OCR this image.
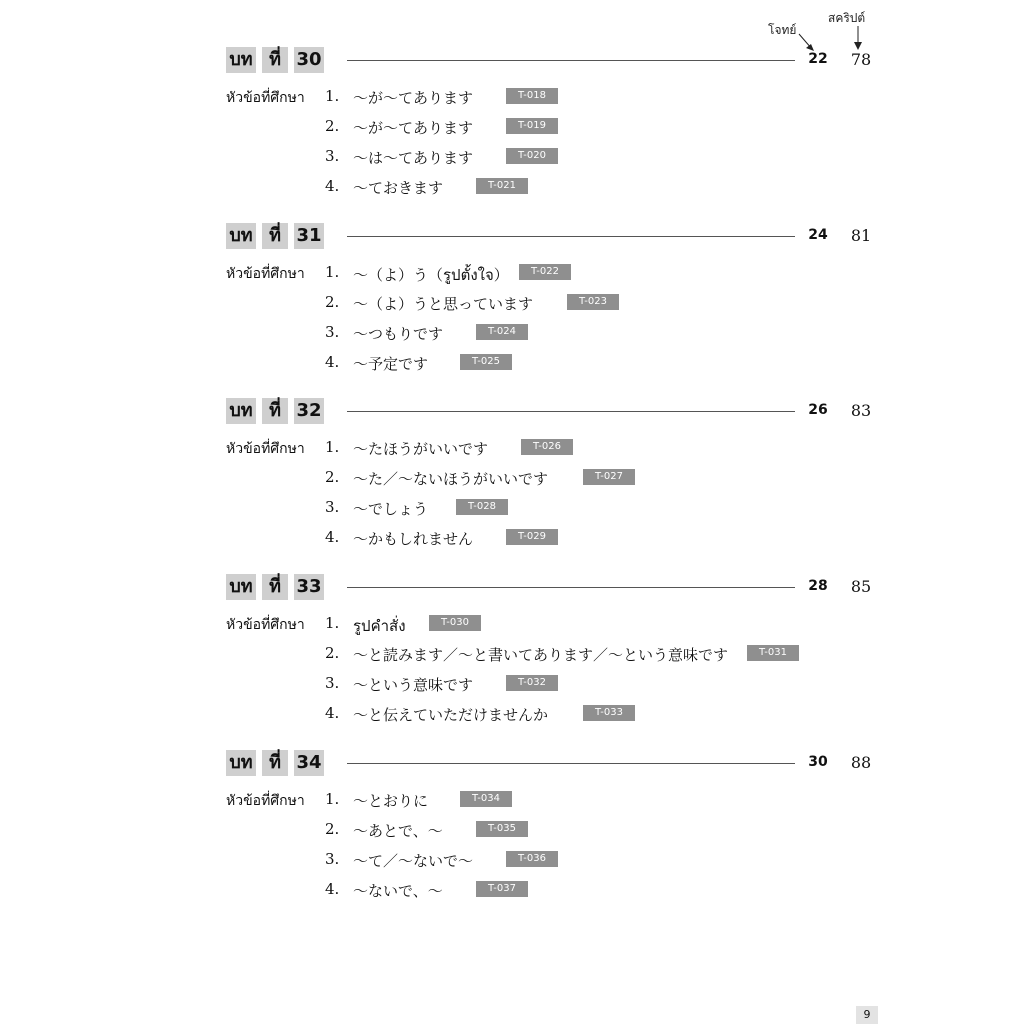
โจทย์
สคริปต์
บท ที่ 30	22 78
หัวข้อที่ศึกษา 1. ～が～てあります	T-018
2. ～が～てあります	T-019
3. ～は～てあります	T-020
4. ～ておきます	T-021
บท ที่ 31	24 81
หัวข้อที่ศึกษา 1. ～（よ）う（รูปตั้งใจ）	T-022
2. ～（よ）うと思っています	T-023
3. ～つもりです	T-024
4. ～予定です	T-025
บท ที่ 32	26 83
หัวข้อที่ศึกษา 1. ～たほうがいいです	T-026
2. ～た／～ないほうがいいです	T-027
3. ～でしょう	T-028
4. ～かもしれません	T-029
บท ที่ 33	28 85
หัวข้อที่ศึกษา 1. รูปคำสั่ง	T-030
2. ～と読みます／～と書いてあります／～という意味です	T-031
3. ～という意味です	T-032
4. ～と伝えていただけませんか	T-033
บท ที่ 34	30 88
หัวข้อที่ศึกษา 1. ～とおりに	T-034
2. ～あとで、～	T-035
3. ～て／～ないで～	T-036
4. ～ないで、～	T-037
9
